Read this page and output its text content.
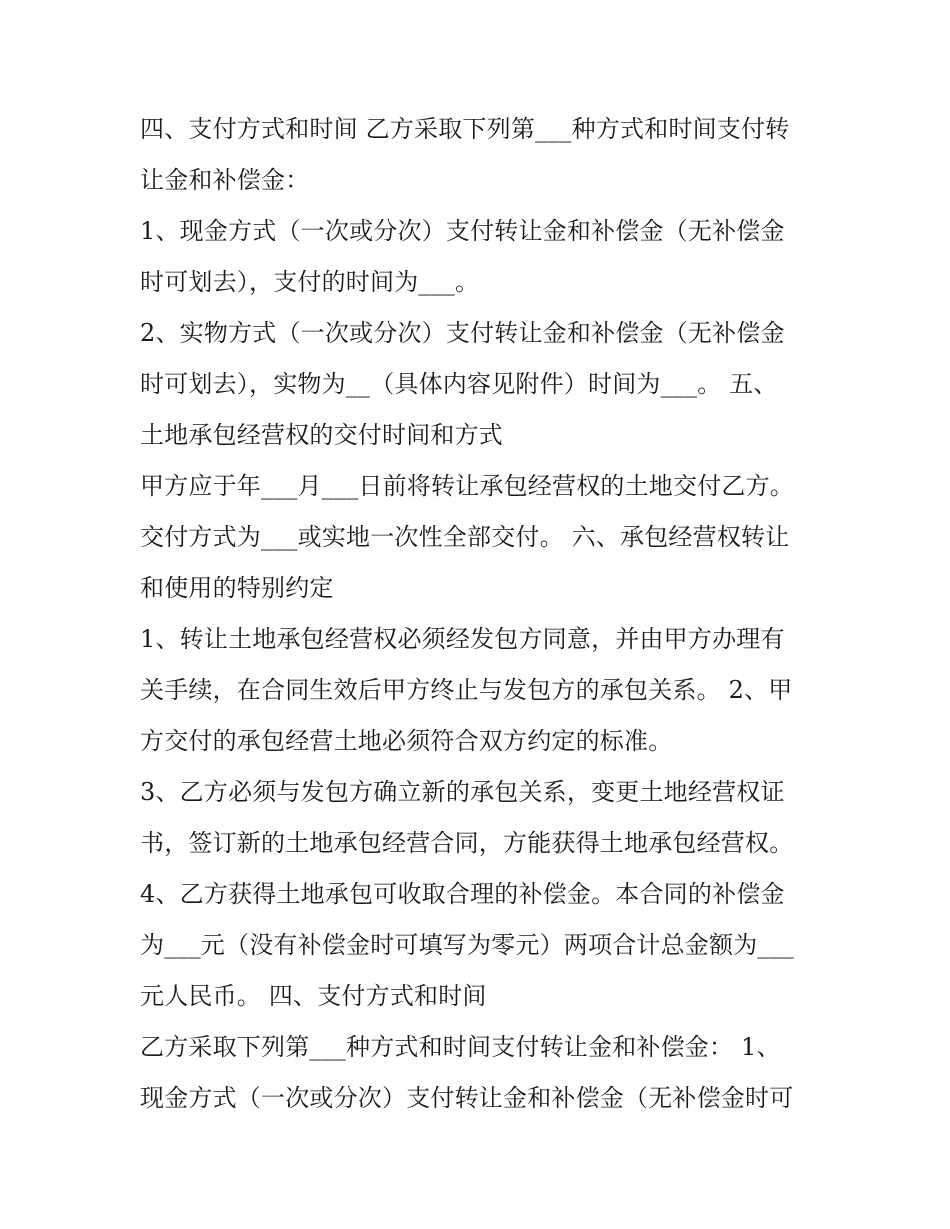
四、支付方式和时间 乙方采取下列第___种方式和时间支付转
让金和补偿金：
1、现金方式（一次或分次）支付转让金和补偿金（无补偿金
时可划去），支付的时间为___。
2、实物方式（一次或分次）支付转让金和补偿金（无补偿金
时可划去），实物为__（具体内容见附件）时间为___。 五、
土地承包经营权的交付时间和方式
甲方应于年___月___日前将转让承包经营权的土地交付乙方。
交付方式为___或实地一次性全部交付。 六、承包经营权转让
和使用的特别约定
1、转让土地承包经营权必须经发包方同意，并由甲方办理有
关手续，在合同生效后甲方终止与发包方的承包关系。 2、甲
方交付的承包经营土地必须符合双方约定的标准。
3、乙方必须与发包方确立新的承包关系，变更土地经营权证
书，签订新的土地承包经营合同，方能获得土地承包经营权。
4、乙方获得土地承包可收取合理的补偿金。本合同的补偿金
为___元（没有补偿金时可填写为零元）两项合计总金额为___
元人民币。 四、支付方式和时间
乙方采取下列第___种方式和时间支付转让金和补偿金： 1、
现金方式（一次或分次）支付转让金和补偿金（无补偿金时可
